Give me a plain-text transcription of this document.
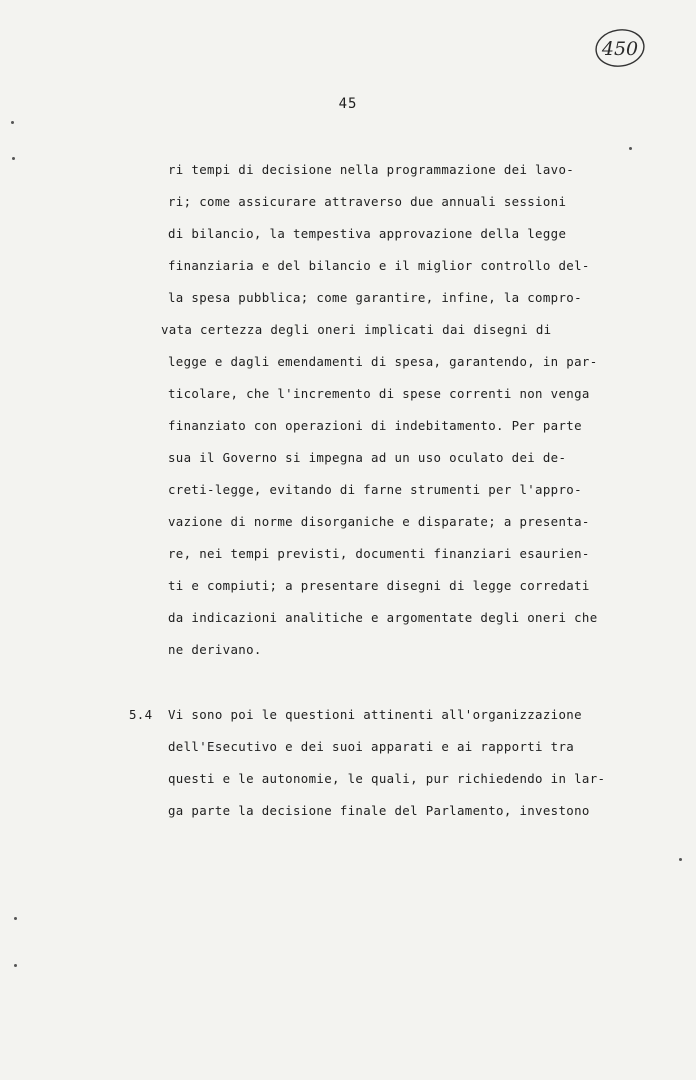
450
45
ri tempi di decisione nella programmazione dei lavo-
ri; come assicurare attraverso due annuali sessioni
di bilancio, la tempestiva approvazione della legge
finanziaria e del bilancio e il miglior controllo del-
la spesa pubblica; come garantire, infine, la compro-
vata certezza degli oneri implicati dai disegni di
legge e dagli emendamenti di spesa, garantendo, in par-
ticolare, che l'incremento di spese correnti non venga
finanziato con operazioni di indebitamento. Per parte
sua il Governo si impegna ad un uso oculato dei de-
creti-legge, evitando di farne strumenti per l'appro-
vazione di norme disorganiche e disparate; a presenta-
re, nei tempi previsti, documenti finanziari esaurien-
ti e compiuti; a presentare disegni di legge corredati
da indicazioni analitiche e argomentate degli oneri che
ne derivano.
5.4 Vi sono poi le questioni attinenti all'organizzazione
dell'Esecutivo e dei suoi apparati e ai rapporti tra
questi e le autonomie, le quali, pur richiedendo in lar-
ga parte la decisione finale del Parlamento, investono
